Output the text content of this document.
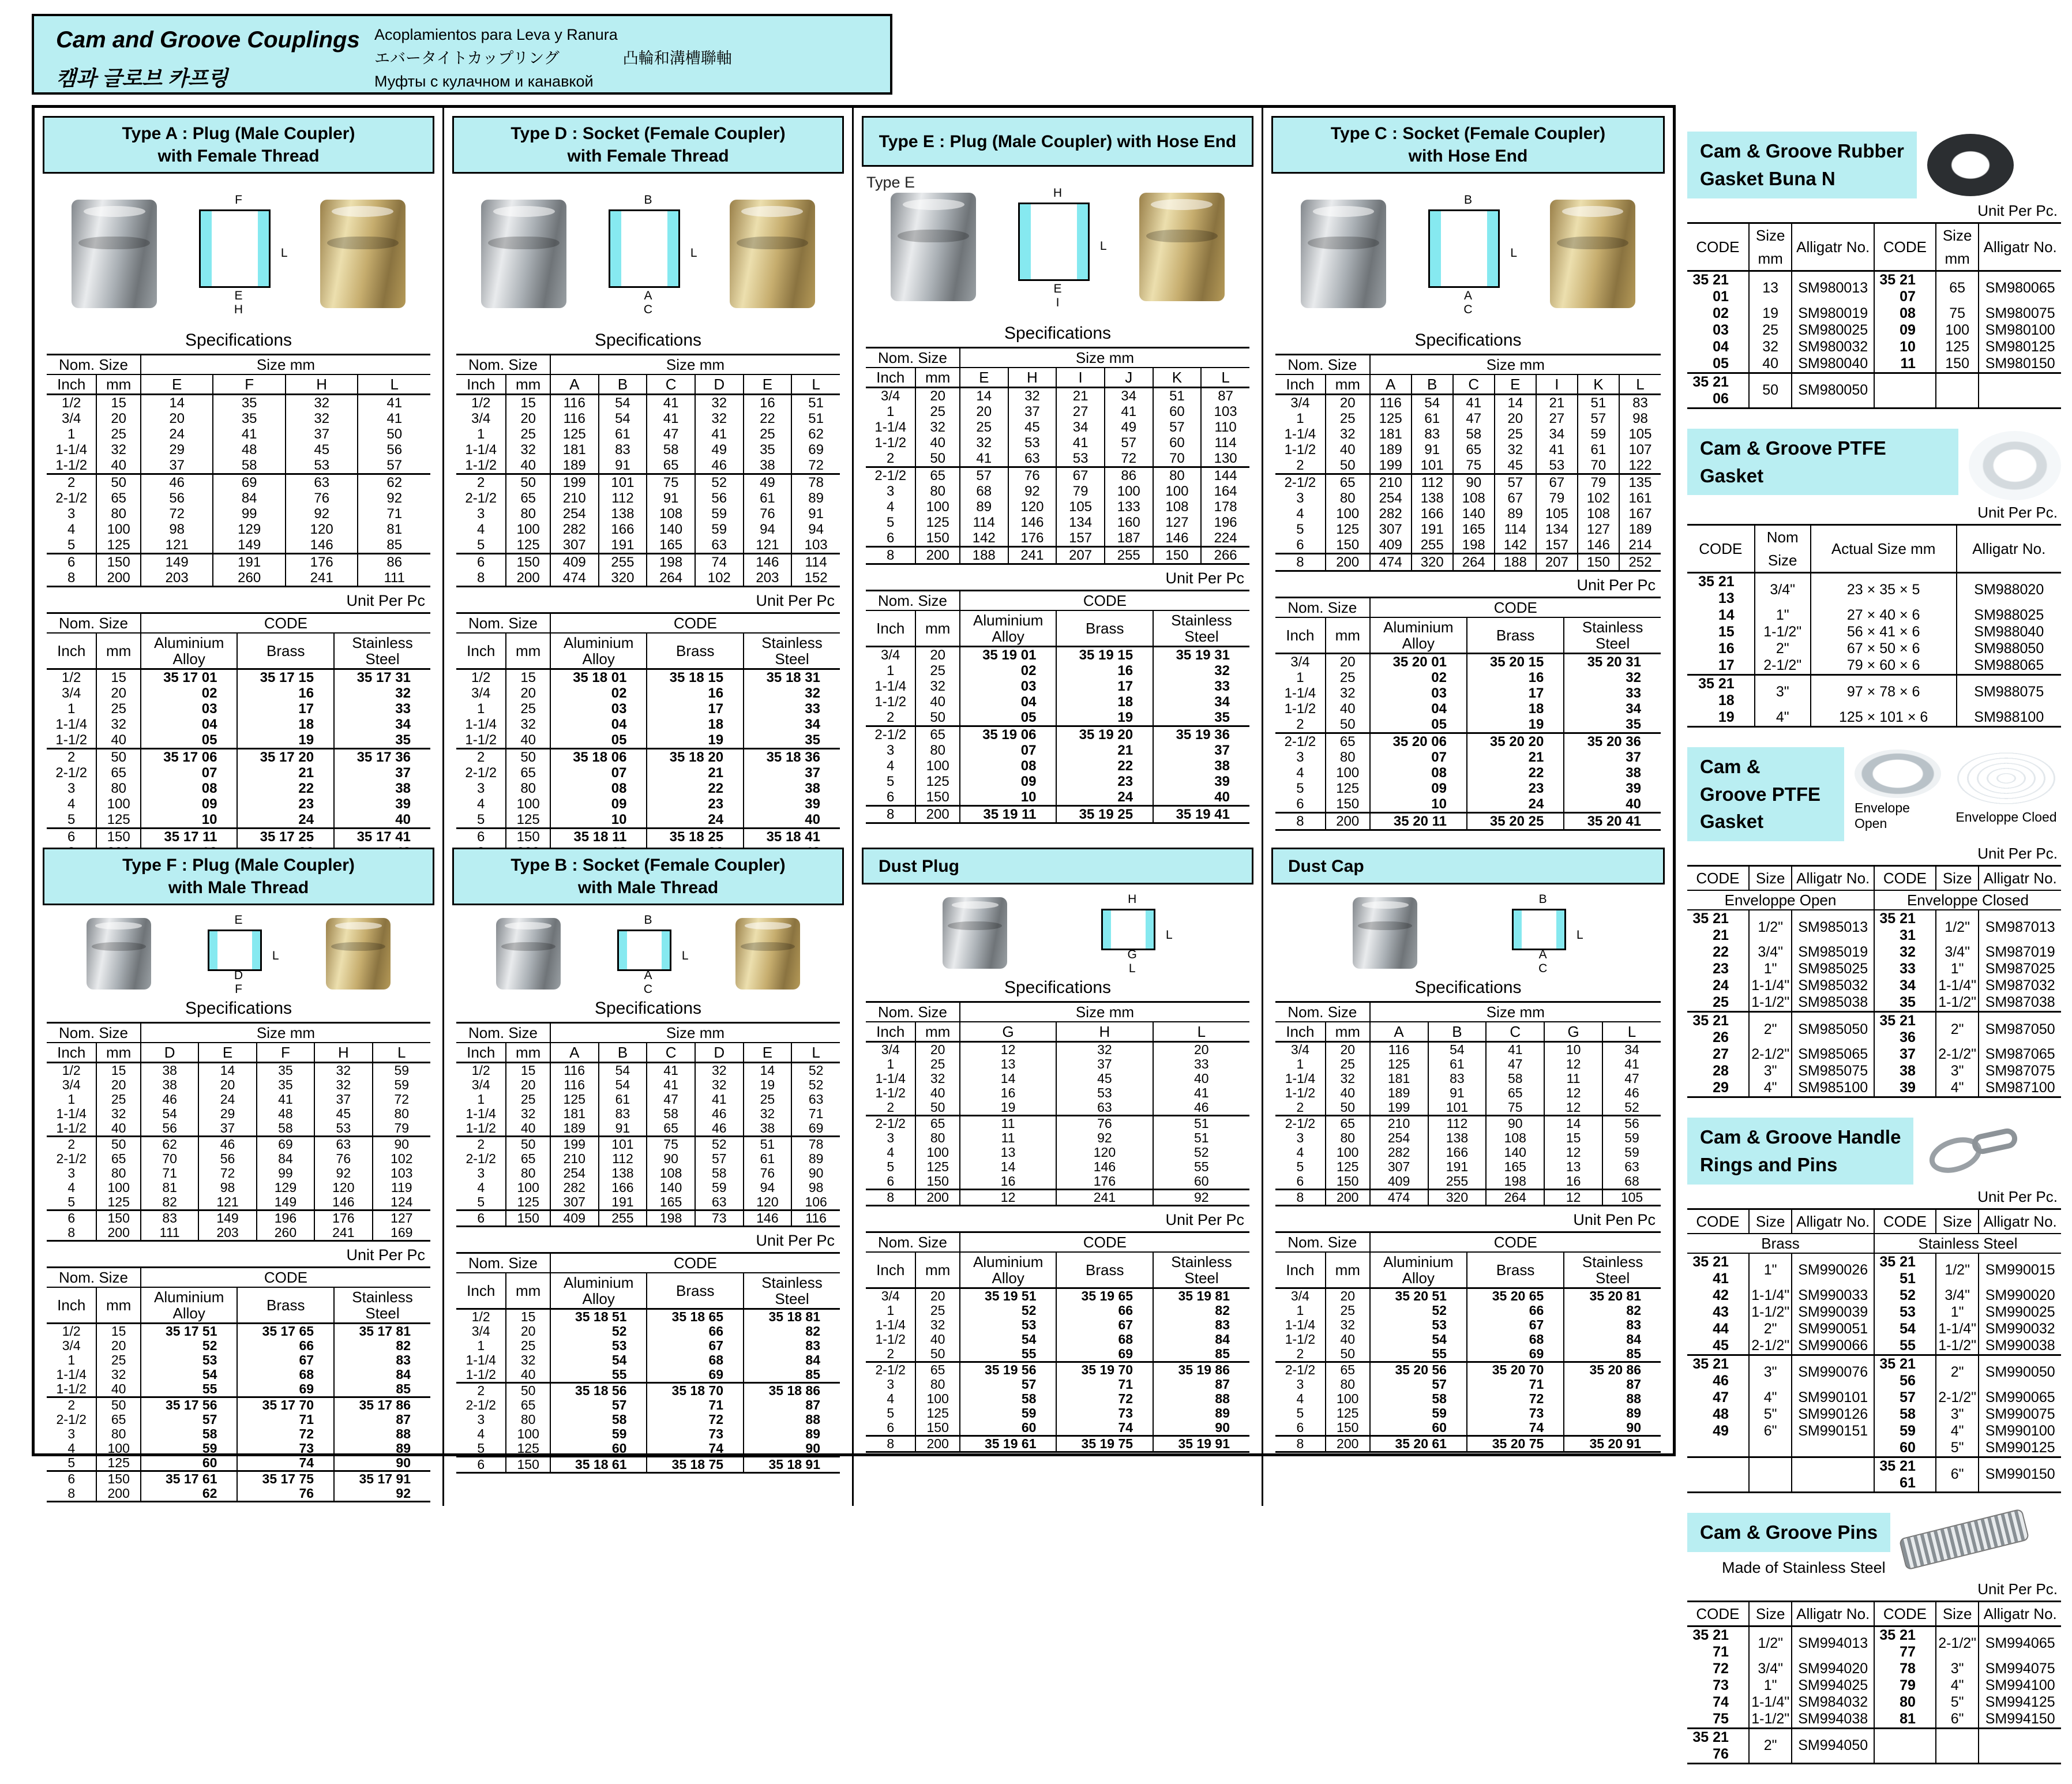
Cam and Groove Couplings
캠과 글로브 카프링
Acoplamientos para Leva y Ranura
エバータイトカップリング	凸輪和溝槽聯軸
Муфты с кулачном и канавкой
Type A : Plug (Male Coupler)
with Female Thread
F
L
E
H
Specifications
Nom. Size		Size mm			
Inch	mm	E	F	H	L
1/2	15	14	35	32	41
3/4	20	20	35	32	41
1	25	24	41	37	50
1-1/4	32	29	48	45	56
1-1/2	40	37	58	53	57
2	50	46	69	63	62
2-1/2	65	56	84	76	92
3	80	72	99	92	71
4	100	98	129	120	81
5	125	121	149	146	85
6	150	149	191	176	86
8	200	203	260	241	111
Unit Per Pc
Nom. Size		CODE		
Inch	mm	Aluminium Alloy	Brass	Stainless Steel
1/2	15	35 17 01	35 17 15	35 17 31
3/4	20	02	16	32
1	25	03	17	33
1-1/4	32	04	18	34
1-1/2	40	05	19	35
2	50	35 17 06	35 17 20	35 17 36
2-1/2	65	07	21	37
3	80	08	22	38
4	100	09	23	39
5	125	10	24	40
6	150	35 17 11	35 17 25	35 17 41

Type F : Plug (Male Coupler)
with Male Thread
E
L
D
F
Specifications
Nom. Size		Size mm				
Inch	mm	D	E	F	H	L
1/2	15	38	14	35	32	59
3/4	20	38	20	35	32	59
1	25	46	24	41	37	72
1-1/4	32	54	29	48	45	80
1-1/2	40	56	37	58	53	79
2	50	62	46	69	63	90
2-1/2	65	70	56	84	76	102
3	80	71	72	99	92	103
4	100	81	98	129	120	119
5	125	82	121	149	146	124
6	150	83	149	196	176	127
8	200	111	203	260	241	169
Unit Per Pc
Nom. Size		CODE		
Inch	mm	Aluminium Alloy	Brass	Stainless Steel
1/2	15	35 17 51	35 17 65	35 17 81
3/4	20	52	66	82
1	25	53	67	83
1-1/4	32	54	68	84
1-1/2	40	55	69	85
2	50	35 17 56	35 17 70	35 17 86
2-1/2	65	57	71	87
3	80	58	72	88
4	100	59	73	89
5	125	60	74	90
6	150	35 17 61	35 17 75	35 17 91
8	200	62	76	92
Type D : Socket (Female Coupler)
with Female Thread
B
L
A
C
Specifications
Nom. Size		Size mm					
Inch	mm	A	B	C	D	E	L
1/2	15	116	54	41	32	16	51
3/4	20	116	54	41	32	22	51
1	25	125	61	47	41	25	62
1-1/4	32	181	83	58	49	35	69
1-1/2	40	189	91	65	46	38	72
2	50	199	101	75	52	49	78
2-1/2	65	210	112	91	56	61	89
3	80	254	138	108	59	76	91
4	100	282	166	140	59	94	94
5	125	307	191	165	63	121	103
6	150	409	255	198	74	146	114
8	200	474	320	264	102	203	152
Unit Per Pc
Nom. Size		CODE		
Inch	mm	Aluminium Alloy	Brass	Stainless Steel
1/2	15	35 18 01	35 18 15	35 18 31
3/4	20	02	16	32
1	25	03	17	33
1-1/4	32	04	18	34
1-1/2	40	05	19	35
2	50	35 18 06	35 18 20	35 18 36
2-1/2	65	07	21	37
3	80	08	22	38
4	100	09	23	39
5	125	10	24	40
6	150	35 18 11	35 18 25	35 18 41

Type B : Socket (Female Coupler)
with Male Thread
B
L
A
C
Specifications
Nom. Size		Size mm					
Inch	mm	A	B	C	D	E	L
1/2	15	116	54	41	32	14	52
3/4	20	116	54	41	32	19	52
1	25	125	61	47	41	25	63
1-1/4	32	181	83	58	46	32	71
1-1/2	40	189	91	65	46	38	69
2	50	199	101	75	52	51	78
2-1/2	65	210	112	90	57	61	89
3	80	254	138	108	58	76	90
4	100	282	166	140	59	94	98
5	125	307	191	165	63	120	106
6	150	409	255	198	73	146	116
Unit Per Pc
Nom. Size		CODE		
Inch	mm	Aluminium Alloy	Brass	Stainless Steel
1/2	15	35 18 51	35 18 65	35 18 81
3/4	20	52	66	82
1	25	53	67	83
1-1/4	32	54	68	84
1-1/2	40	55	69	85
2	50	35 18 56	35 18 70	35 18 86
2-1/2	65	57	71	87
3	80	58	72	88
4	100	59	73	89
5	125	60	74	90
6	150	35 18 61	35 18 75	35 18 91
Type E : Plug (Male Coupler) with Hose End
Type E
H
L
E
I
Specifications
Nom. Size		Size mm					
Inch	mm	E	H	I	J	K	L
3/4	20	14	32	21	34	51	87
1	25	20	37	27	41	60	103
1-1/4	32	25	45	34	49	57	110
1-1/2	40	32	53	41	57	60	114
2	50	41	63	53	72	70	130
2-1/2	65	57	76	67	86	80	144
3	80	68	92	79	100	100	164
4	100	89	120	105	133	108	178
5	125	114	146	134	160	127	196
6	150	142	176	157	187	146	224
8	200	188	241	207	255	150	266
Unit Per Pc
Nom. Size		CODE		
Inch	mm	Aluminium Alloy	Brass	Stainless Steel
3/4	20	35 19 01	35 19 15	35 19 31
1	25	02	16	32
1-1/4	32	03	17	33
1-1/2	40	04	18	34
2	50	05	19	35
2-1/2	65	35 19 06	35 19 20	35 19 36
3	80	07	21	37
4	100	08	22	38
5	125	09	23	39
6	150	10	24	40
8	200	35 19 11	35 19 25	35 19 41
Dust Plug
H
L
G
L
Specifications
Nom. Size		Size mm		
Inch	mm	G	H	L
3/4	20	12	32	20
1	25	13	37	33
1-1/4	32	14	45	40
1-1/2	40	16	53	41
2	50	19	63	46
2-1/2	65	11	76	51
3	80	11	92	51
4	100	13	120	52
5	125	14	146	55
6	150	16	176	60
8	200	12	241	92
Unit Per Pc
Nom. Size		CODE		
Inch	mm	Aluminium Alloy	Brass	Stainless Steel
3/4	20	35 19 51	35 19 65	35 19 81
1	25	52	66	82
1-1/4	32	53	67	83
1-1/2	40	54	68	84
2	50	55	69	85
2-1/2	65	35 19 56	35 19 70	35 19 86
3	80	57	71	87
4	100	58	72	88
5	125	59	73	89
6	150	60	74	90
8	200	35 19 61	35 19 75	35 19 91
Type C : Socket (Female Coupler)
with Hose End
B
L
A
C
Specifications
Nom. Size		Size mm						
Inch	mm	A	B	C	E	I	K	L
3/4	20	116	54	41	14	21	51	83
1	25	125	61	47	20	27	57	98
1-1/4	32	181	83	58	25	34	59	105
1-1/2	40	189	91	65	32	41	61	107
2	50	199	101	75	45	53	70	122
2-1/2	65	210	112	90	57	67	79	135
3	80	254	138	108	67	79	102	161
4	100	282	166	140	89	105	108	167
5	125	307	191	165	114	134	127	189
6	150	409	255	198	142	157	146	214
8	200	474	320	264	188	207	150	252
Unit Per Pc
Nom. Size		CODE		
Inch	mm	Aluminium Alloy	Brass	Stainless Steel
3/4	20	35 20 01	35 20 15	35 20 31
1	25	02	16	32
1-1/4	32	03	17	33
1-1/2	40	04	18	34
2	50	05	19	35
2-1/2	65	35 20 06	35 20 20	35 20 36
3	80	07	21	37
4	100	08	22	38
5	125	09	23	39
6	150	10	24	40
8	200	35 20 11	35 20 25	35 20 41
Dust Cap
B
L
A
C
Specifications
Nom. Size		Size mm				
Inch	mm	A	B	C	G	L
3/4	20	116	54	41	10	34
1	25	125	61	47	12	41
1-1/4	32	181	83	58	11	47
1-1/2	40	189	91	65	12	46
2	50	199	101	75	12	52
2-1/2	65	210	112	90	14	56
3	80	254	138	108	15	59
4	100	282	166	140	12	59
5	125	307	191	165	13	63
6	150	409	255	198	16	68
8	200	474	320	264	12	105
Unit Pen Pc
Nom. Size		CODE		
Inch	mm	Aluminium Alloy	Brass	Stainless Steel
3/4	20	35 20 51	35 20 65	35 20 81
1	25	52	66	82
1-1/4	32	53	67	83
1-1/2	40	54	68	84
2	50	55	69	85
2-1/2	65	35 20 56	35 20 70	35 20 86
3	80	57	71	87
4	100	58	72	88
5	125	59	73	89
6	150	60	74	90
8	200	35 20 61	35 20 75	35 20 91
Cam & Groove Rubber
Gasket Buna N
Unit Per Pc.
CODE	Size mm	Alligatr No.	CODE	Size mm	Alligatr No.
35 21 01	13	SM980013	35 21 07	65	SM980065
02	19	SM980019	08	75	SM980075
03	25	SM980025	09	100	SM980100
04	32	SM980032	10	125	SM980125
05	40	SM980040	11	150	SM980150
35 21 06	50	SM980050			
Cam & Groove PTFE Gasket
Unit Per Pc.
CODE	Nom Size	Actual Size mm	Alligatr No.
35 21 13	3/4"	23 × 35 × 5	SM988020
14	1"	27 × 40 × 6	SM988025
15	1-1/2"	56 × 41 × 6	SM988040
16	2"	67 × 50 × 6	SM988050
17	2-1/2"	79 × 60 × 6	SM988065
35 21 18	3"	97 × 78 × 6	SM988075
19	4"	125 × 101 × 6	SM988100
Cam & Groove PTFE Gasket
Envelope Open	Enveloppe Cloed
Unit Per Pc.
CODE	Size	Alligatr No.	CODE	Size	Alligatr No.
Enveloppe Open			Enveloppe Closed		
35 21 21	1/2"	SM985013	35 21 31	1/2"	SM987013
22	3/4"	SM985019	32	3/4"	SM987019
23	1"	SM985025	33	1"	SM987025
24	1-1/4"	SM985032	34	1-1/4"	SM987032
25	1-1/2"	SM985038	35	1-1/2"	SM987038
35 21 26	2"	SM985050	35 21 36	2"	SM987050
27	2-1/2"	SM985065	37	2-1/2"	SM987065
28	3"	SM985075	38	3"	SM987075
29	4"	SM985100	39	4"	SM987100
Cam & Groove Handle
Rings and Pins
Unit Per Pc.
CODE	Size	Alligatr No.	CODE	Size	Alligatr No.
Brass			Stainless Steel		
35 21 41	1"	SM990026	35 21 51	1/2"	SM990015
42	1-1/4"	SM990033	52	3/4"	SM990020
43	1-1/2"	SM990039	53	1"	SM990025
44	2"	SM990051	54	1-1/4"	SM990032
45	2-1/2"	SM990066	55	1-1/2"	SM990038
35 21 46	3"	SM990076	35 21 56	2"	SM990050
47	4"	SM990101	57	2-1/2"	SM990065
48	5"	SM990126	58	3"	SM990075
49	6"	SM990151	59	4"	SM990100
			60	5"	SM990125
			35 21 61	6"	SM990150
Cam & Groove Pins
Made of Stainless Steel
Unit Per Pc.
CODE	Size	Alligatr No.	CODE	Size	Alligatr No.
35 21 71	1/2"	SM994013	35 21 77	2-1/2"	SM994065
72	3/4"	SM994020	78	3"	SM994075
73	1"	SM994025	79	4"	SM994100
74	1-1/4"	SM984032	80	5"	SM994125
75	1-1/2"	SM994038	81	6"	SM994150
35 21 76	2"	SM994050			
